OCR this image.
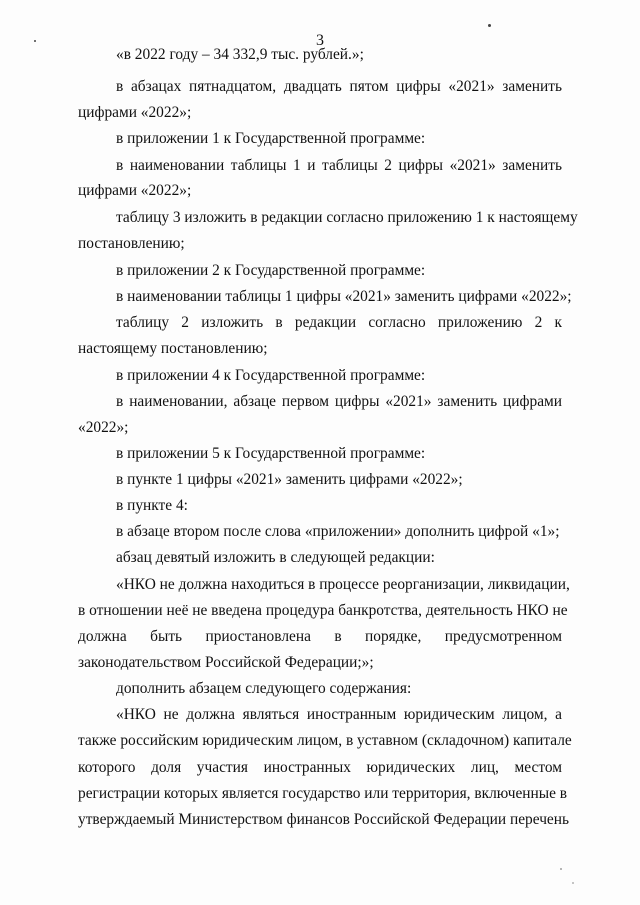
3
«в 2022 году – 34 332,9 тыс. рублей.»;
в абзацах пятнадцатом, двадцать пятом цифры «2021» заменить
цифрами «2022»;
в приложении 1 к Государственной программе:
в наименовании таблицы 1 и таблицы 2 цифры «2021» заменить
цифрами «2022»;
таблицу 3 изложить в редакции согласно приложению 1 к настоящему
постановлению;
в приложении 2 к Государственной программе:
в наименовании таблицы 1 цифры «2021» заменить цифрами «2022»;
таблицу 2 изложить в редакции согласно приложению 2 к
настоящему постановлению;
в приложении 4 к Государственной программе:
в наименовании, абзаце первом цифры «2021» заменить цифрами
«2022»;
в приложении 5 к Государственной программе:
в пункте 1 цифры «2021» заменить цифрами «2022»;
в пункте 4:
в абзаце втором после слова «приложении» дополнить цифрой «1»;
абзац девятый изложить в следующей редакции:
«НКО не должна находиться в процессе реорганизации, ликвидации,
в отношении неё не введена процедура банкротства, деятельность НКО не
должна быть приостановлена в порядке, предусмотренном
законодательством Российской Федерации;»;
дополнить абзацем следующего содержания:
«НКО не должна являться иностранным юридическим лицом, а
также российским юридическим лицом, в уставном (складочном) капитале
которого доля участия иностранных юридических лиц, местом
регистрации которых является государство или территория, включенные в
утверждаемый Министерством финансов Российской Федерации перечень
